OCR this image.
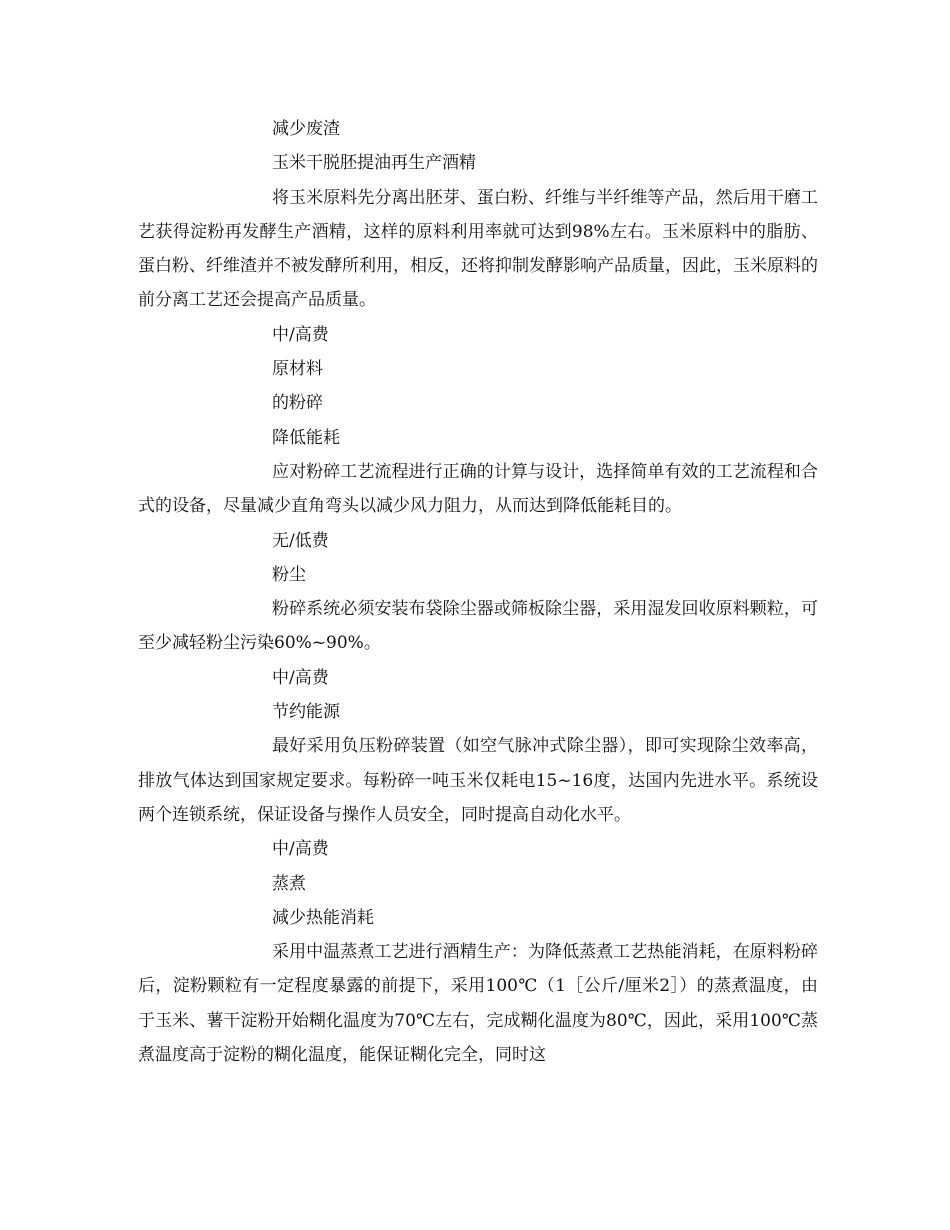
减少废渣

玉米干脱胚提油再生产酒精

将玉米原料先分离出胚芽、蛋白粉、纤维与半纤维等产品，然后用干磨工艺获得淀粉再发酵生产酒精，这样的原料利用率就可达到98%左右。玉米原料中的脂肪、蛋白粉、纤维渣并不被发酵所利用，相反，还将抑制发酵影响产品质量，因此，玉米原料的前分离工艺还会提高产品质量。

中/高费

原材料

的粉碎

降低能耗

应对粉碎工艺流程进行正确的计算与设计，选择简单有效的工艺流程和合式的设备，尽量减少直角弯头以减少风力阻力，从而达到降低能耗目的。

无/低费

粉尘

粉碎系统必须安装布袋除尘器或筛板除尘器，采用湿发回收原料颗粒，可至少减轻粉尘污染60%~90%。

中/高费

节约能源

最好采用负压粉碎装置（如空气脉冲式除尘器），即可实现除尘效率高，排放气体达到国家规定要求。每粉碎一吨玉米仅耗电15~16度，达国内先进水平。系统设两个连锁系统，保证设备与操作人员安全，同时提高自动化水平。

中/高费

蒸煮

减少热能消耗

采用中温蒸煮工艺进行酒精生产：为降低蒸煮工艺热能消耗，在原料粉碎后，淀粉颗粒有一定程度暴露的前提下，采用100℃（1［公斤/厘米2］）的蒸煮温度，由于玉米、薯干淀粉开始糊化温度为70℃左右，完成糊化温度为80℃，因此，采用100℃蒸煮温度高于淀粉的糊化温度，能保证糊化完全，同时这
